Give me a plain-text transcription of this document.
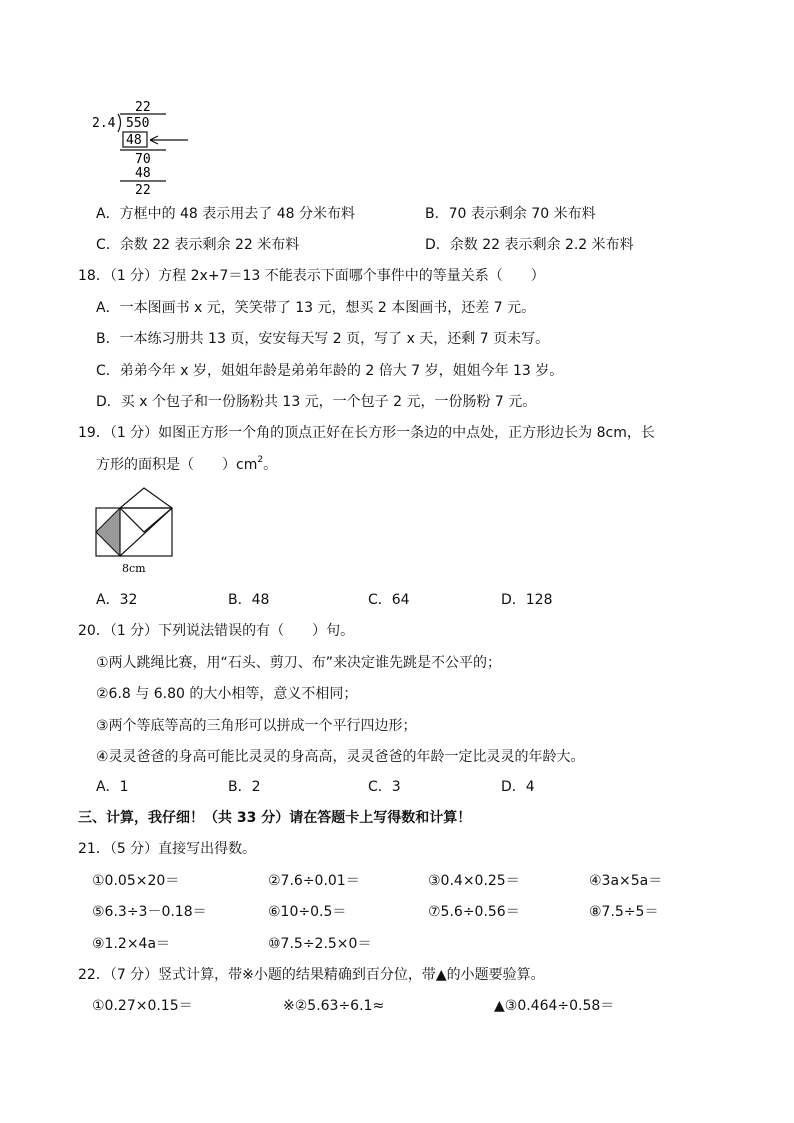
22
2.4 550
48
70
48
22
A．方框中的 48 表示用去了 48 分米布料	B．70 表示剩余 70 米布料
C．余数 22 表示剩余 22 米布料	D．余数 22 表示剩余 2.2 米布料
18．（1 分）方程 2x+7＝13 不能表示下面哪个事件中的等量关系（　　）
A．一本图画书 x 元，笑笑带了 13 元，想买 2 本图画书，还差 7 元。
B．一本练习册共 13 页，安安每天写 2 页，写了 x 天，还剩 7 页未写。
C．弟弟今年 x 岁，姐姐年龄是弟弟年龄的 2 倍大 7 岁，姐姐今年 13 岁。
D．买 x 个包子和一份肠粉共 13 元，一个包子 2 元，一份肠粉 7 元。
19．（1 分）如图正方形一个角的顶点正好在长方形一条边的中点处，正方形边长为 8cm，长
方形的面积是（　　）$cm^2$。
8cm
A．32	B．48	C．64	D．128
20．（1 分）下列说法错误的有（　　）句。
①两人跳绳比赛，用“石头、剪刀、布”来决定谁先跳是不公平的；
②6.8 与 6.80 的大小相等，意义不相同；
③两个等底等高的三角形可以拼成一个平行四边形；
④灵灵爸爸的身高可能比灵灵的身高高，灵灵爸爸的年龄一定比灵灵的年龄大。
A．1	B．2	C．3	D．4
三、计算，我仔细！（共 33 分）请在答题卡上写得数和计算！
21．（5 分）直接写出得数。
①0.05×20＝	②7.6÷0.01＝	③0.4×0.25＝	④3a×5a＝
⑤6.3÷3－0.18＝	⑥10÷0.5＝	⑦5.6÷0.56＝	⑧7.5÷5＝
⑨1.2×4a＝	⑩7.5÷2.5×0＝
22．（7 分）竖式计算，带※小题的结果精确到百分位，带▲的小题要验算。
①0.27×0.15＝	※②5.63÷6.1≈	▲③0.464÷0.58＝
